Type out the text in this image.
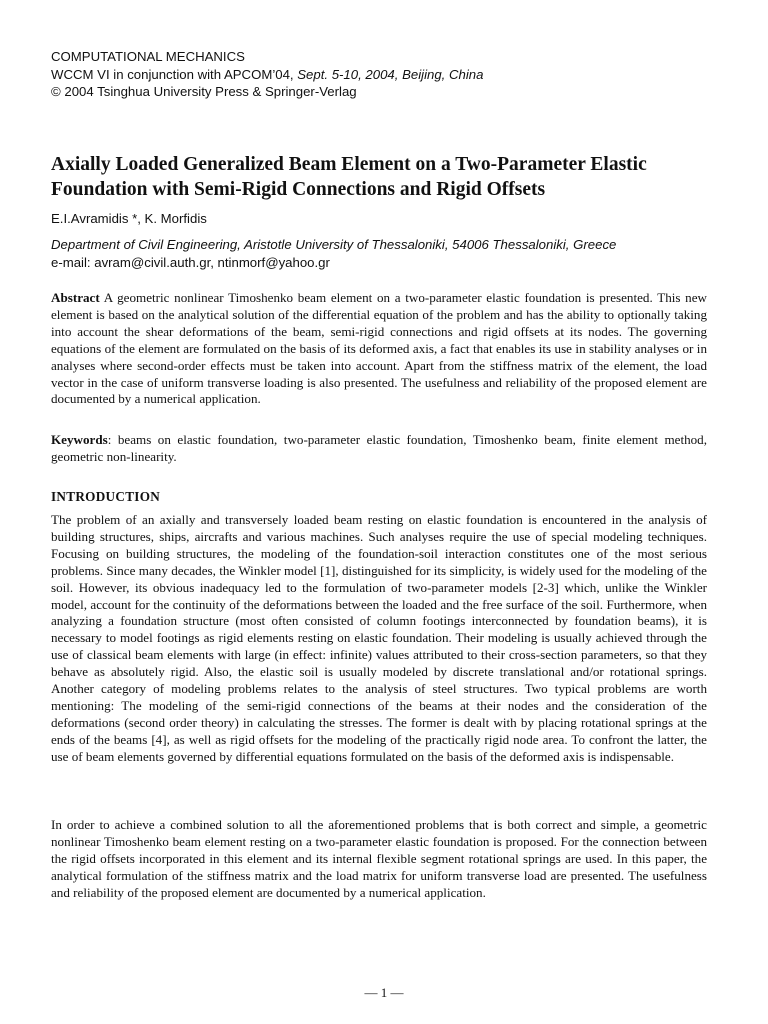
COMPUTATIONAL MECHANICS
WCCM VI in conjunction with APCOM’04, Sept. 5-10, 2004, Beijing, China
© 2004 Tsinghua University Press & Springer-Verlag
Axially Loaded Generalized Beam Element on a Two-Parameter Elastic Foundation with Semi-Rigid Connections and Rigid Offsets
E.I.Avramidis *, K. Morfidis
Department of Civil Engineering, Aristotle University of Thessaloniki, 54006 Thessaloniki, Greece
e-mail: avram@civil.auth.gr, ntinmorf@yahoo.gr

Abstract A geometric nonlinear Timoshenko beam element on a two-parameter elastic foundation is presented. This new element is based on the analytical solution of the differential equation of the problem and has the ability to optionally taking into account the shear deformations of the beam, semi-rigid connections and rigid offsets at its nodes. The governing equations of the element are formulated on the basis of its deformed axis, a fact that enables its use in stability analyses or in analyses where second-order effects must be taken into account. Apart from the stiffness matrix of the element, the load vector in the case of uniform transverse loading is also presented. The usefulness and reliability of the proposed element are documented by a numerical application.

Keywords: beams on elastic foundation, two-parameter elastic foundation, Timoshenko beam, finite element method, geometric non-linearity.

INTRODUCTION

The problem of an axially and transversely loaded beam resting on elastic foundation is encountered in the analysis of building structures, ships, aircrafts and various machines. Such analyses require the use of special modeling techniques. Focusing on building structures, the modeling of the foundation-soil interaction constitutes one of the most serious problems. Since many decades, the Winkler model [1], distinguished for its simplicity, is widely used for the modeling of the soil. However, its obvious inadequacy led to the formulation of two-parameter models [2-3] which, unlike the Winkler model, account for the continuity of the deformations between the loaded and the free surface of the soil. Furthermore, when analyzing a foundation structure (most often consisted of column footings interconnected by foundation beams), it is necessary to model footings as rigid elements resting on elastic foundation. Their modeling is usually achieved through the use of classical beam elements with large (in effect: infinite) values attributed to their cross-section parameters, so that they behave as absolutely rigid. Also, the elastic soil is usually modeled by discrete translational and/or rotational springs. Another category of modeling problems relates to the analysis of steel structures. Two typical problems are worth mentioning: The modeling of the semi-rigid connections of the beams at their nodes and the consideration of the deformations (second order theory) in calculating the stresses. The former is dealt with by placing rotational springs at the ends of the beams [4], as well as rigid offsets for the modeling of the practically rigid node area. To confront the latter, the use of beam elements governed by differential equations formulated on the basis of the deformed axis is indispensable.

In order to achieve a combined solution to all the aforementioned problems that is both correct and simple, a geometric nonlinear Timoshenko beam element resting on a two-parameter elastic foundation is proposed. For the connection between the rigid offsets incorporated in this element and its internal flexible segment rotational springs are used. In this paper, the analytical formulation of the stiffness matrix and the load matrix for uniform transverse load are presented. The usefulness and reliability of the proposed element are documented by a numerical application.

— 1 —
